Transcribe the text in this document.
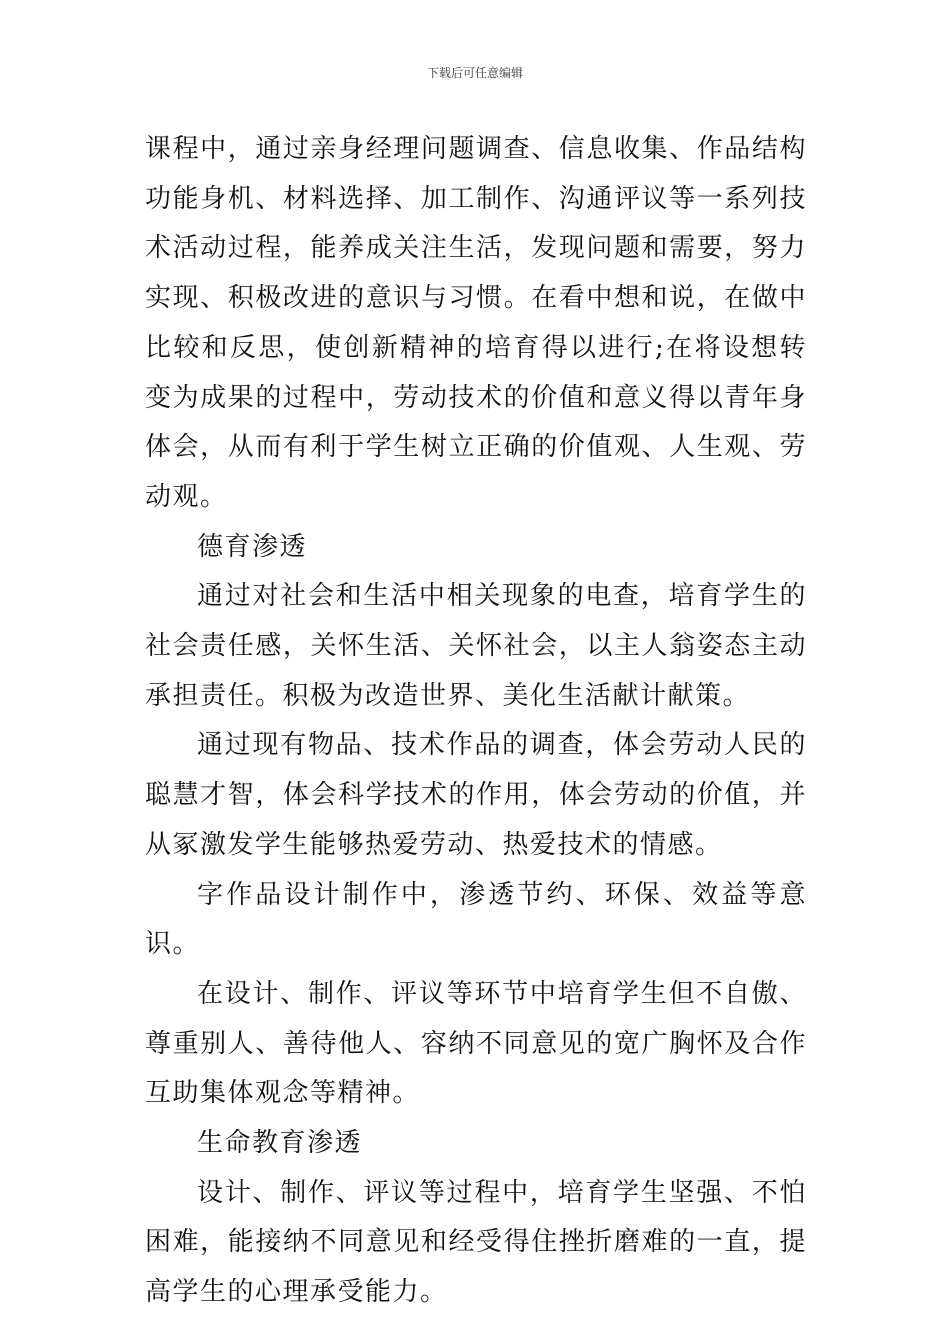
下载后可任意编辑

课程中，通过亲身经理问题调查、信息收集、作品结构功能身机、材料选择、加工制作、沟通评议等一系列技术活动过程，能养成关注生活，发现问题和需要，努力实现、积极改进的意识与习惯。在看中想和说，在做中比较和反思，使创新精神的培育得以进行;在将设想转变为成果的过程中，劳动技术的价值和意义得以青年身体会，从而有利于学生树立正确的价值观、人生观、劳动观。

德育渗透

通过对社会和生活中相关现象的电查，培育学生的社会责任感，关怀生活、关怀社会，以主人翁姿态主动承担责任。积极为改造世界、美化生活献计献策。

通过现有物品、技术作品的调查，体会劳动人民的聪慧才智，体会科学技术的作用，体会劳动的价值，并从冢激发学生能够热爱劳动、热爱技术的情感。

字作品设计制作中，渗透节约、环保、效益等意识。

在设计、制作、评议等环节中培育学生但不自傲、尊重别人、善待他人、容纳不同意见的宽广胸怀及合作互助集体观念等精神。

生命教育渗透

设计、制作、评议等过程中，培育学生坚强、不怕困难，能接纳不同意见和经受得住挫折磨难的一直，提高学生的心理承受能力。
